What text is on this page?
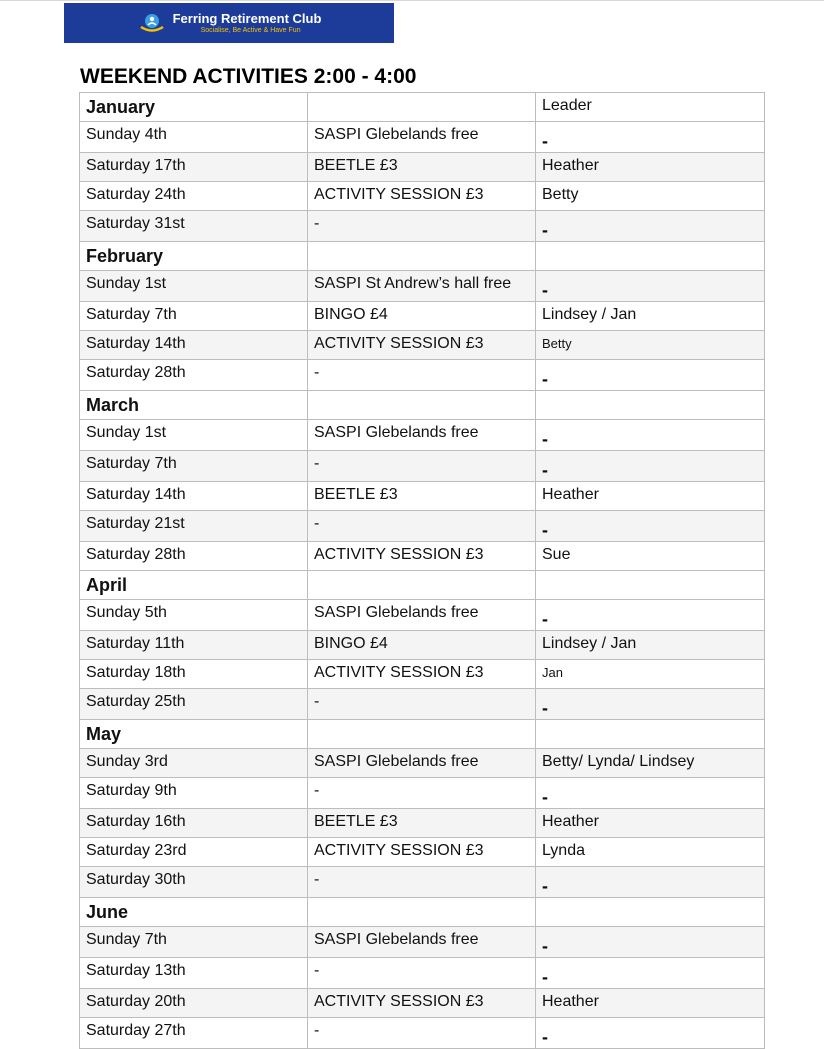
Ferring Retirement Club
Socialise, Be Active & Have Fun
WEEKEND ACTIVITIES 2:00 - 4:00
January		Leader
Sunday 4th	SASPI Glebelands free	-
Saturday 17th	BEETLE £3	Heather
Saturday 24th	ACTIVITY SESSION £3	Betty
Saturday 31st	-	-
February		
Sunday 1st	SASPI St Andrew’s hall free	-
Saturday 7th	BINGO £4	Lindsey / Jan
Saturday 14th	ACTIVITY SESSION £3	Betty
Saturday 28th	-	-
March		
Sunday 1st	SASPI Glebelands free	-
Saturday 7th	-	-
Saturday 14th	BEETLE £3	Heather
Saturday 21st	-	-
Saturday 28th	ACTIVITY SESSION £3	Sue
April		
Sunday 5th	SASPI Glebelands free	-
Saturday 11th	BINGO £4	Lindsey / Jan
Saturday 18th	ACTIVITY SESSION £3	Jan
Saturday 25th	-	-
May		
Sunday 3rd	SASPI Glebelands free	Betty/ Lynda/ Lindsey
Saturday 9th	-	-
Saturday 16th	BEETLE £3	Heather
Saturday 23rd	ACTIVITY SESSION £3	Lynda
Saturday 30th	-	-
June		
Sunday 7th	SASPI Glebelands free	-
Saturday 13th	-	-
Saturday 20th	ACTIVITY SESSION £3	Heather
Saturday 27th	-	-
